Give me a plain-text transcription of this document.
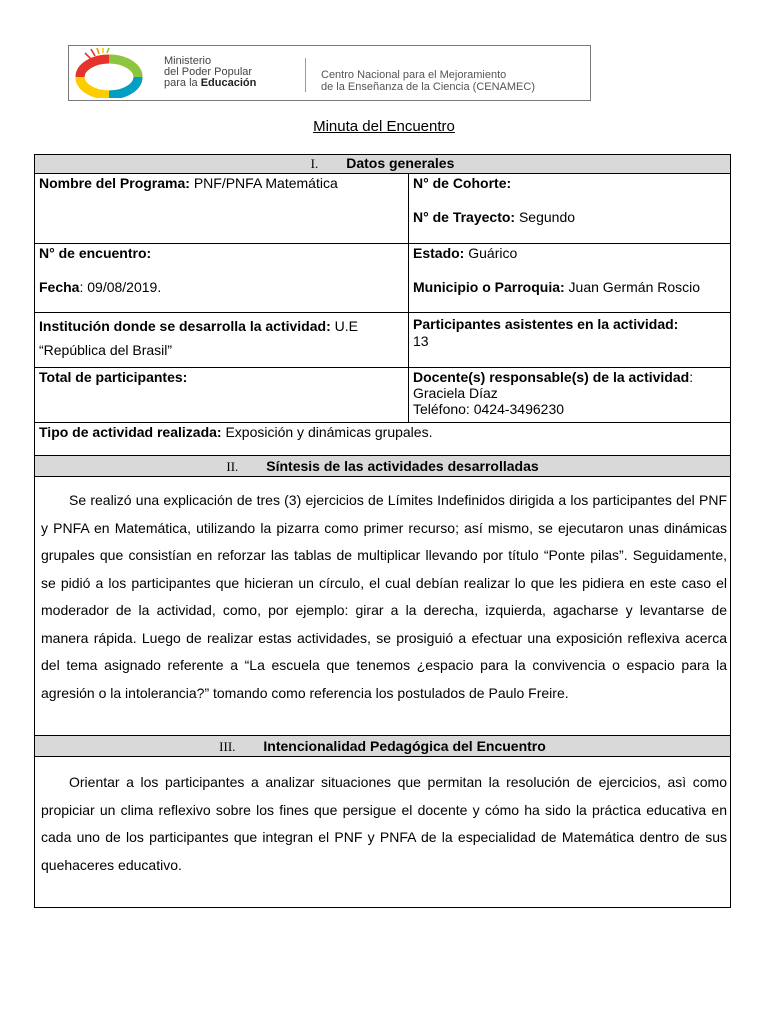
Ministerio
del Poder Popular
para la Educación
Centro Nacional para el Mejoramiento
de la Enseñanza de la Ciencia (CENAMEC)
Minuta del Encuentro
I. Datos generales
Nombre del Programa: PNF/PNFA Matemática	N° de Cohorte:
N° de Trayecto: Segundo
N° de encuentro:
Fecha: 09/08/2019.
Estado: Guárico
Municipio o Parroquia: Juan Germán Roscio
Institución donde se desarrolla la actividad: U.E “República del Brasil”
Participantes asistentes en la actividad:
13
Total de participantes:	Docente(s) responsable(s) de la actividad:
Graciela Díaz
Teléfono: 0424-3496230
Tipo de actividad realizada: Exposición y dinámicas grupales.
II. Síntesis de las actividades desarrolladas
Se realizó una explicación de tres (3) ejercicios de Límites Indefinidos dirigida a los participantes del PNF y PNFA en Matemática, utilizando la pizarra como primer recurso; así mismo, se ejecutaron unas dinámicas grupales que consistían en reforzar las tablas de multiplicar llevando por título “Ponte pilas”. Seguidamente, se pidió a los participantes que hicieran un círculo, el cual debían realizar lo que les pidiera en este caso el moderador de la actividad, como, por ejemplo: girar a la derecha, izquierda, agacharse y levantarse de manera rápida. Luego de realizar estas actividades, se prosiguió a efectuar una exposición reflexiva acerca del tema asignado referente a “La escuela que tenemos ¿espacio para la convivencia o espacio para la agresión o la intolerancia?” tomando como referencia los postulados de Paulo Freire.
III. Intencionalidad Pedagógica del Encuentro
Orientar a los participantes a analizar situaciones que permitan la resolución de ejercicios, asì como propiciar un clima reflexivo sobre los fines que persigue el docente y cómo ha sido la práctica educativa en cada uno de los participantes que integran el PNF y PNFA de la especialidad de Matemática dentro de sus quehaceres educativo.
